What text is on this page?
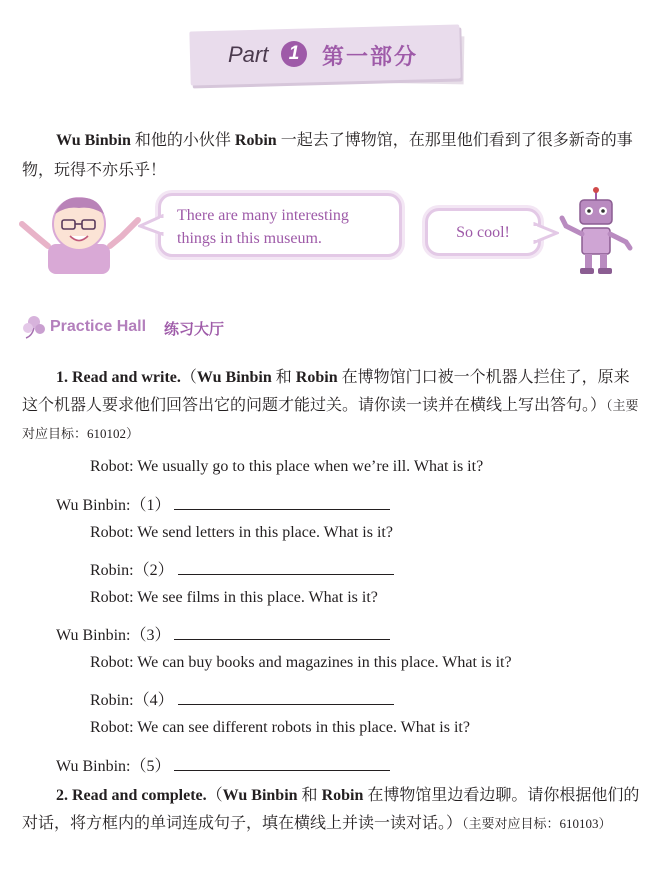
Part	1	第一部分
Wu Binbin 和他的小伙伴 Robin 一起去了博物馆，在那里他们看到了很多新奇的事物，玩得不亦乐乎！
There are many interesting
things in this museum.	So cool!
Practice Hall 练习大厅
1. Read and write.（Wu Binbin 和 Robin 在博物馆门口被一个机器人拦住了，原来这个机器人要求他们回答出它的问题才能过关。请你读一读并在横线上写出答句。）（主要对应目标：610102）
Robot: We usually go to this place when we’re ill. What is it?
Wu Binbin:（1）
Robot: We send letters in this place. What is it?
Robin:（2）
Robot: We see films in this place. What is it?
Wu Binbin:（3）
Robot: We can buy books and magazines in this place. What is it?
Robin:（4）
Robot: We can see different robots in this place. What is it?
Wu Binbin:（5）
2. Read and complete.（Wu Binbin 和 Robin 在博物馆里边看边聊。请你根据他们的对话，将方框内的单词连成句子，填在横线上并读一读对话。）（主要对应目标：610103）
